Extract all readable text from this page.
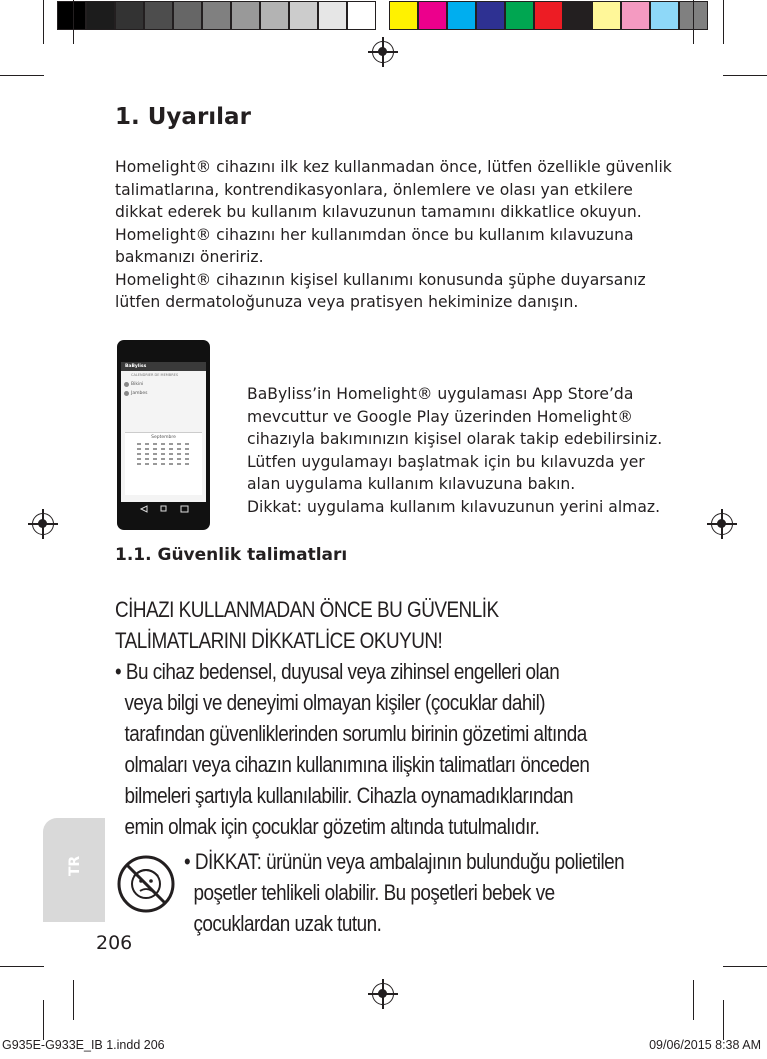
1. Uyarılar

Homelight® cihazını ilk kez kullanmadan önce, lütfen özellikle güvenlik talimatlarına, kontrendikasyonlara, önlemlere ve olası yan etkilere dikkat ederek bu kullanım kılavuzunun tamamını dikkatlice okuyun.

Homelight® cihazını her kullanımdan önce bu kullanım kılavuzuna bakmanızı öneririz.

Homelight® cihazının kişisel kullanımı konusunda şüphe duyarsanız lütfen dermatoloğunuza veya pratisyen hekiminize danışın.

BaByliss
CALENDRIER DE MEMBRES
Bikini
Jambes
Septembre

BaByliss’in Homelight® uygulaması App Store’da mevcuttur ve Google Play üzerinden Homelight® cihazıyla bakımınızın kişisel olarak takip edebilirsiniz.

Lütfen uygulamayı başlatmak için bu kılavuzda yer alan uygulama kullanım kılavuzuna bakın.

Dikkat: uygulama kullanım kılavuzunun yerini almaz.

1.1. Güvenlik talimatları

CİHAZI KULLANMADAN ÖNCE BU GÜVENLİK TALİMATLARINI DİKKATLİCE OKUYUN!

• Bu cihaz bedensel, duyusal veya zihinsel engelleri olan veya bilgi ve deneyimi olmayan kişiler (çocuklar dahil) tarafından güvenliklerinden sorumlu birinin gözetimi altında olmaları veya cihazın kullanımına ilişkin talimatları önceden bilmeleri şartıyla kullanılabilir. Cihazla oynamadıklarından emin olmak için çocuklar gözetim altında tutulmalıdır.

• DİKKAT: ürünün veya ambalajının bulunduğu polietilen poşetler tehlikeli olabilir. Bu poşetleri bebek ve çocuklardan uzak tutun.
TR
206
G935E-G933E_IB 1.indd 206	09/06/2015 8:38 AM
